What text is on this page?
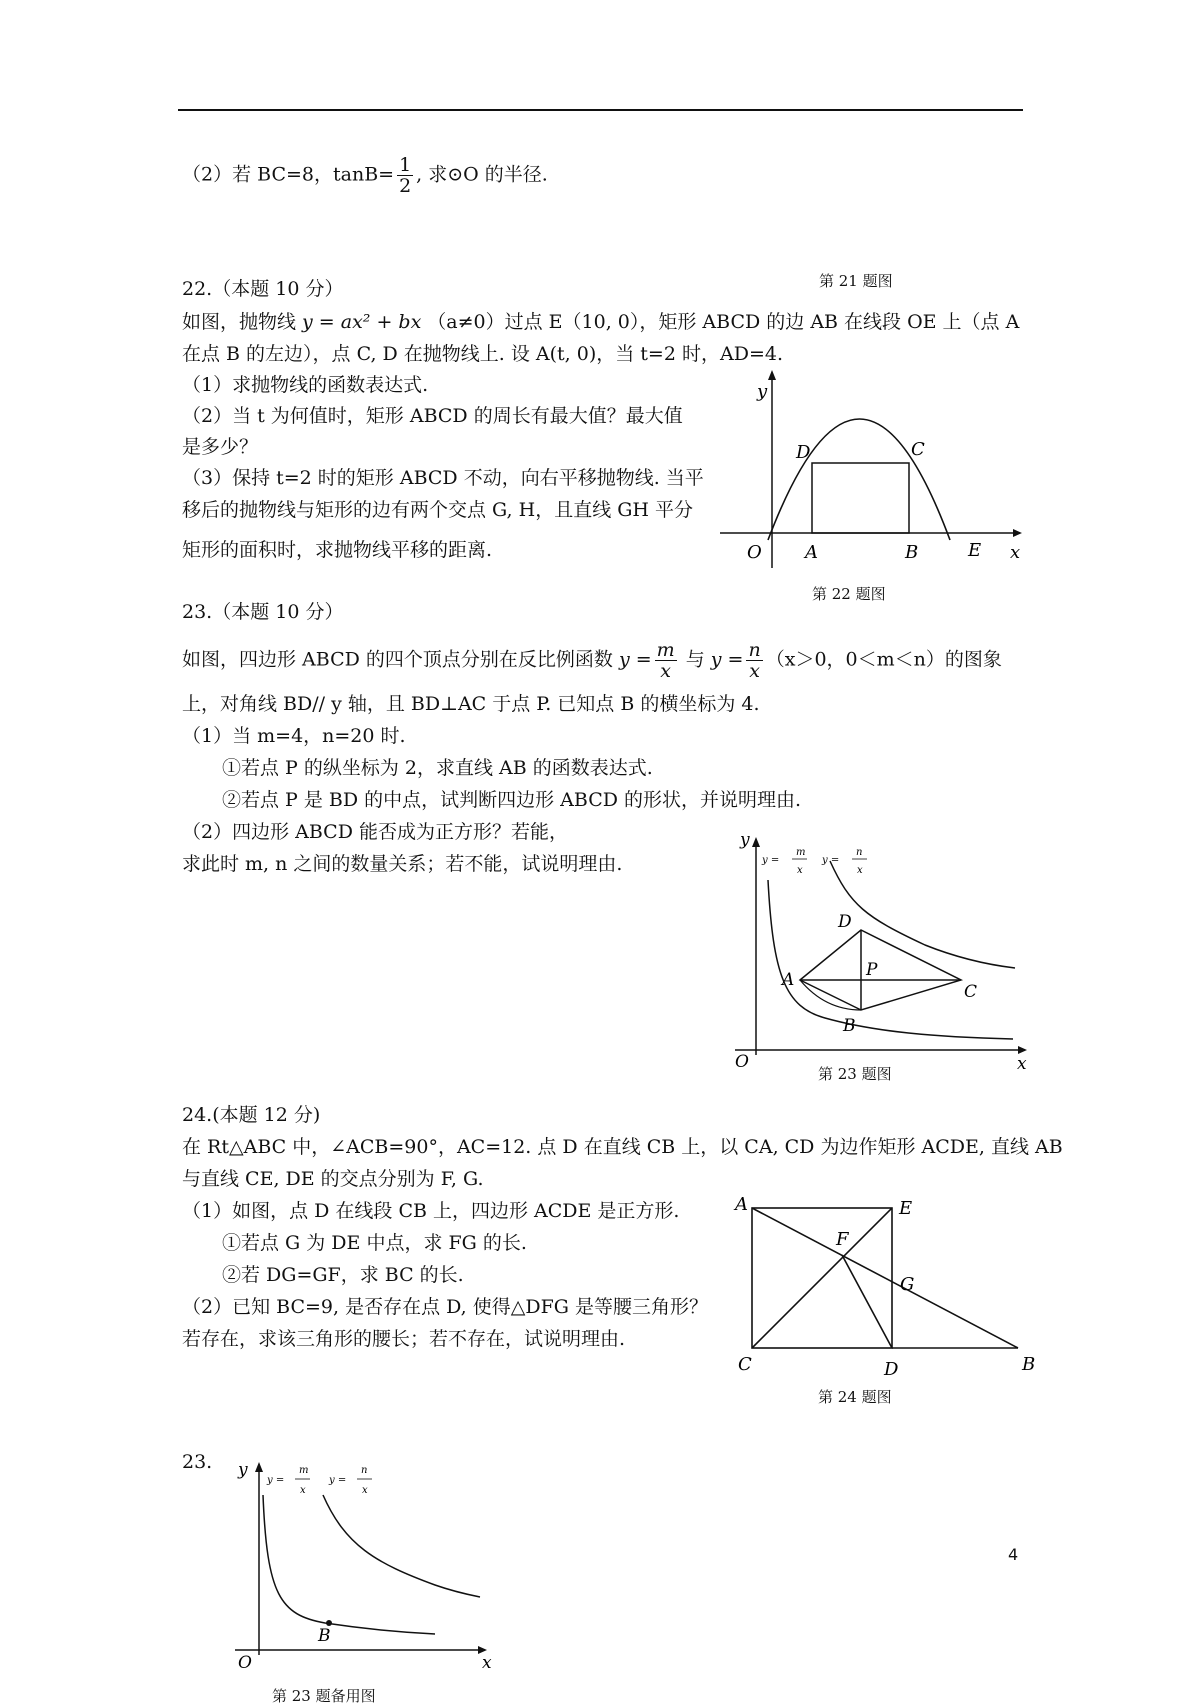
（2）若 BC=8，$\tan B= \frac{1}{2}$ , 求⊙O 的半径.
第 21 题图
22.（本题 10 分）
如图，抛物线 y = ax² + bx （a≠0）过点 E（10, 0），矩形 ABCD 的边 AB 在线段 OE 上（点 A
在点 B 的左边），点 C, D 在抛物线上. 设 A(t, 0)，当 t=2 时，AD=4.
（1）求抛物线的函数表达式.
（2）当 t 为何值时，矩形 ABCD 的周长有最大值？最大值
是多少？
（3）保持 t=2 时的矩形 ABCD 不动，向右平移抛物线. 当平
移后的抛物线与矩形的边有两个交点 G, H，且直线 GH 平分
矩形的面积时，求抛物线平移的距离.
y
x
O A	B
C
D
E
第 22 题图
23.（本题 10 分）
如图，四边形 ABCD 的四个顶点分别在反比例函数 $y = \frac{m}{x}$ 与 $y = \frac{n}{x} (x>0$，0＜m＜n）的图象
上，对角线 BD// y 轴，且 BD⊥AC 于点 P. 已知点 B 的横坐标为 4.
（1）当 m=4，n=20 时.
①若点 P 的纵坐标为 2，求直线 AB 的函数表达式.
②若点 P 是 BD 的中点，试判断四边形 ABCD 的形状，并说明理由.
（2）四边形 ABCD 能否成为正方形？若能，
求此时 m, n 之间的数量关系；若不能，试说明理由.
y
x
O
A
B
C
D
P
y =
m
x
y =
n
x
第 23 题图
24.(本题 12 分)
在 Rt△ABC 中，∠ACB=90°，AC=12. 点 D 在直线 CB 上，以 CA, CD 为边作矩形 ACDE, 直线 AB
与直线 CE, DE 的交点分别为 F, G.
（1）如图，点 D 在线段 CB 上，四边形 ACDE 是正方形.
①若点 G 为 DE 中点，求 FG 的长.
②若 DG=GF，求 BC 的长.
（2）已知 BC=9, 是否存在点 D, 使得△DFG 是等腰三角形？
若存在，求该三角形的腰长；若不存在，试说明理由.
A	E
F
G
C	D	B
第 24 题图
23. y
x
O
B
y =
m
x
y =
n
x
第 23 题备用图
4
